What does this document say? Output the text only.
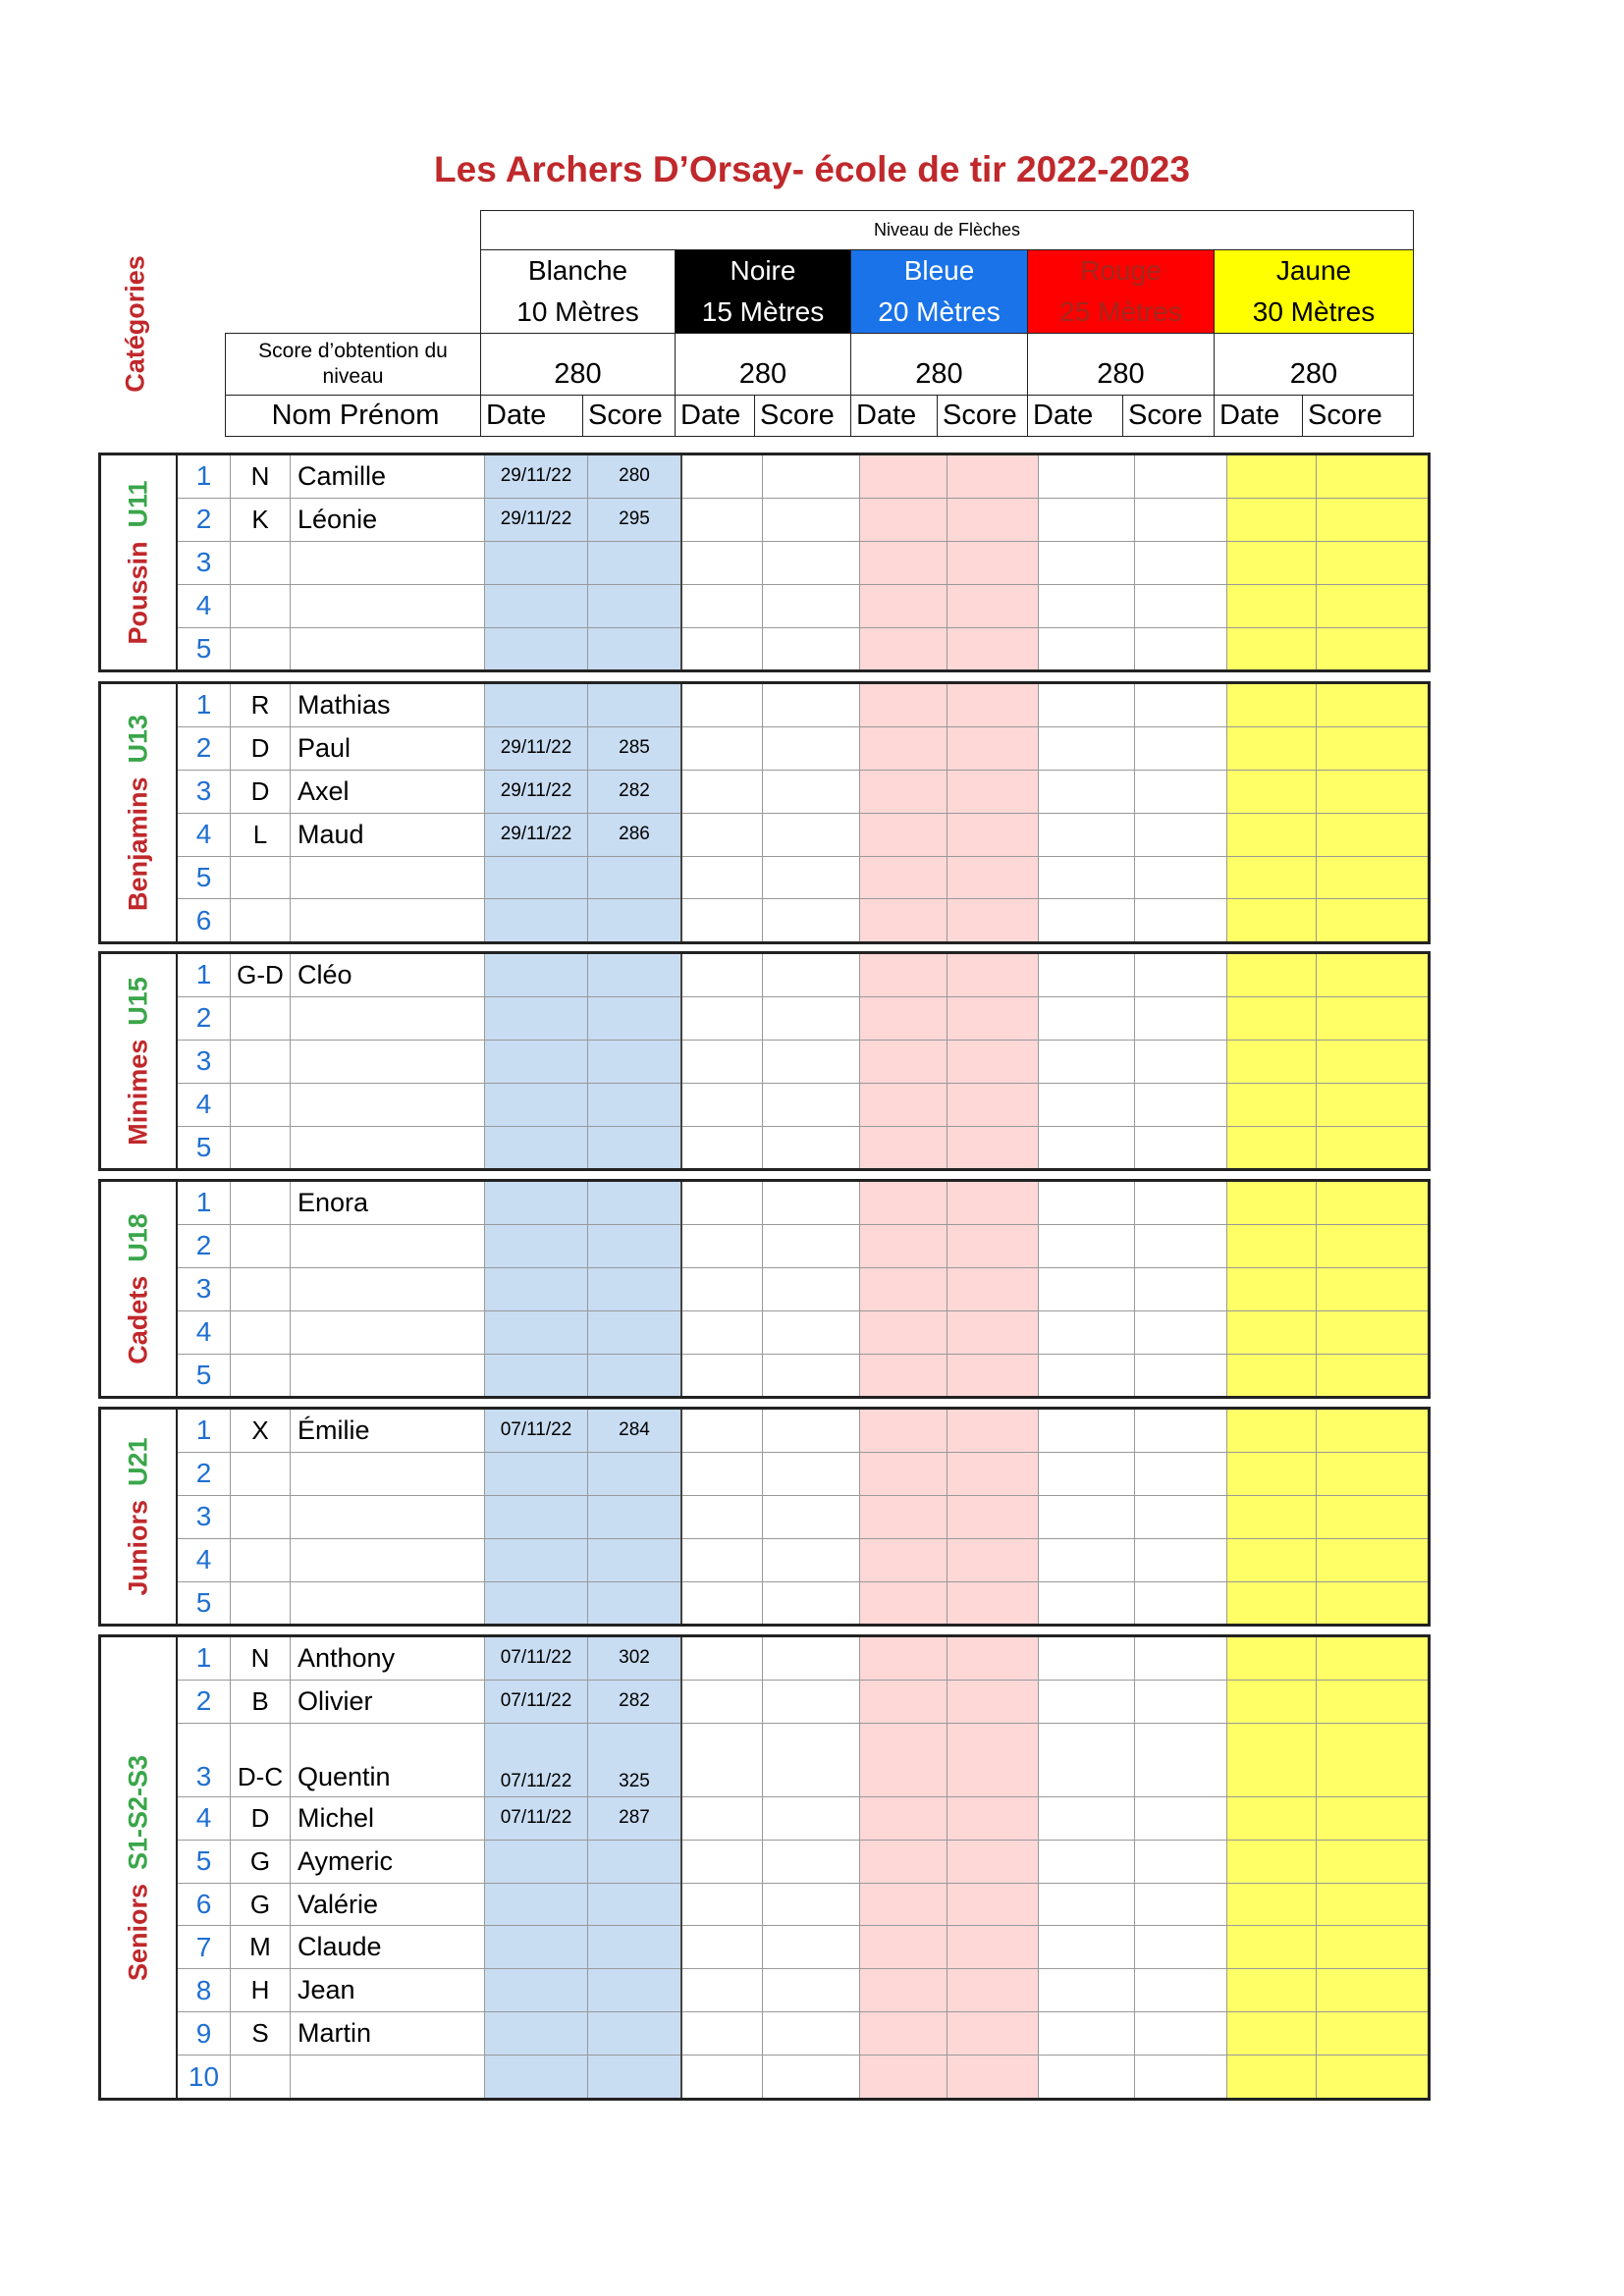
Les Archers D’Orsay- école de tir 2022-2023
Catégories
	Niveau de Flèches									
	Blanche		Noire		Bleue		Rouge		Jaune	
	10 Mètres		15 Mètres		20 Mètres		25 Mètres		30 Mètres	
Score d’obtention du niveau	280		280		280		280		280	
Nom Prénom	Date	Score	Date	Score	Date	Score	Date	Score	Date	Score
PoussinU11	1	N	Camille	29/11/22	280								
	2	K	Léonie	29/11/22	295								
	3												
	4												
	5												
BenjaminsU13	1	R	Mathias										
	2	D	Paul	29/11/22	285								
	3	D	Axel	29/11/22	282								
	4	L	Maud	29/11/22	286								
	5												
	6												
MinimesU15	1	G-D	Cléo										
	2												
	3												
	4												
	5												
CadetsU18	1		Enora										
	2												
	3												
	4												
	5												
JuniorsU21	1	X	Émilie	07/11/22	284								
	2												
	3												
	4												
	5												
SeniorsS1-S2-S3	1	N	Anthony	07/11/22	302								
	2	B	Olivier	07/11/22	282								
	3	D-C	Quentin	07/11/22	325								
	4	D	Michel	07/11/22	287								
	5	G	Aymeric										
	6	G	Valérie										
	7	M	Claude										
	8	H	Jean										
	9	S	Martin										
	10												
